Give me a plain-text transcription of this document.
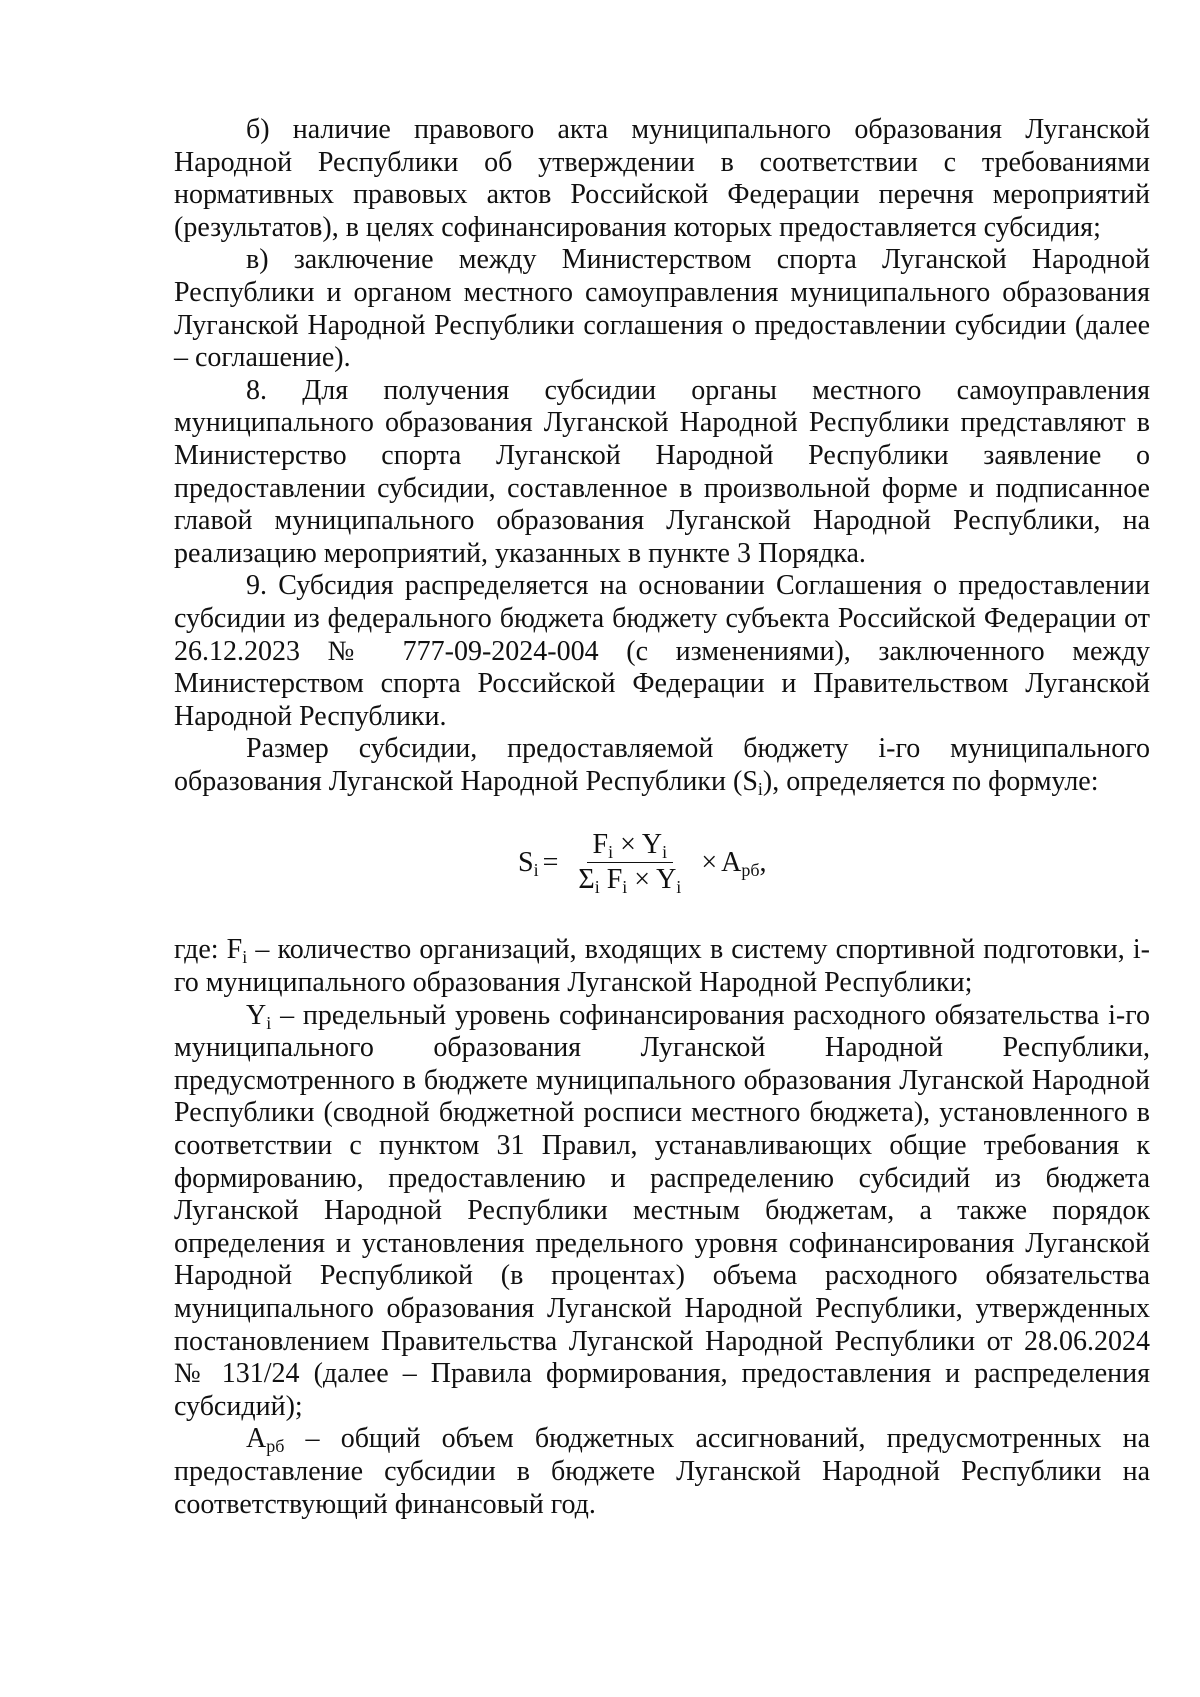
б) наличие правового акта муниципального образования Луганской Народной Республики об утверждении в соответствии с требованиями нормативных правовых актов Российской Федерации перечня мероприятий (результатов), в целях софинансирования которых предоставляется субсидия;

в) заключение между Министерством спорта Луганской Народной Республики и органом местного самоуправления муниципального образования Луганской Народной Республики соглашения о предоставлении субсидии (далее – соглашение).

8. Для получения субсидии органы местного самоуправления муниципального образования Луганской Народной Республики представляют в Министерство спорта Луганской Народной Республики заявление о предоставлении субсидии, составленное в произвольной форме и подписанное главой муниципального образования Луганской Народной Республики, на реализацию мероприятий, указанных в пункте 3 Порядка.

9. Субсидия распределяется на основании Соглашения о предоставлении субсидии из федерального бюджета бюджету субъекта Российской Федерации от 26.12.2023 № 777-09-2024-004 (с изменениями), заключенного между Министерством спорта Российской Федерации и Правительством Луганской Народной Республики.

Размер субсидии, предоставляемой бюджету i-го муниципального образования Луганской Народной Республики $(S_i)$, определяется по формуле:

$S_i = \frac{F_i \times Y_i}{\Sigma_i F_i \times Y_i} \times A_{рб}$,

где: $F_i$ – количество организаций, входящих в систему спортивной подготовки, i-го муниципального образования Луганской Народной Республики;

$Y_i$ – предельный уровень софинансирования расходного обязательства i-го муниципального образования Луганской Народной Республики, предусмотренного в бюджете муниципального образования Луганской Народной Республики (сводной бюджетной росписи местного бюджета), установленного в соответствии с пунктом 31 Правил, устанавливающих общие требования к формированию, предоставлению и распределению субсидий из бюджета Луганской Народной Республики местным бюджетам, а также порядок определения и установления предельного уровня софинансирования Луганской Народной Республикой (в процентах) объема расходного обязательства муниципального образования Луганской Народной Республики, утвержденных постановлением Правительства Луганской Народной Республики от 28.06.2024 № 131/24 (далее – Правила формирования, предоставления и распределения субсидий);

$A_{рб}$ – общий объем бюджетных ассигнований, предусмотренных на предоставление субсидии в бюджете Луганской Народной Республики на соответствующий финансовый год.
